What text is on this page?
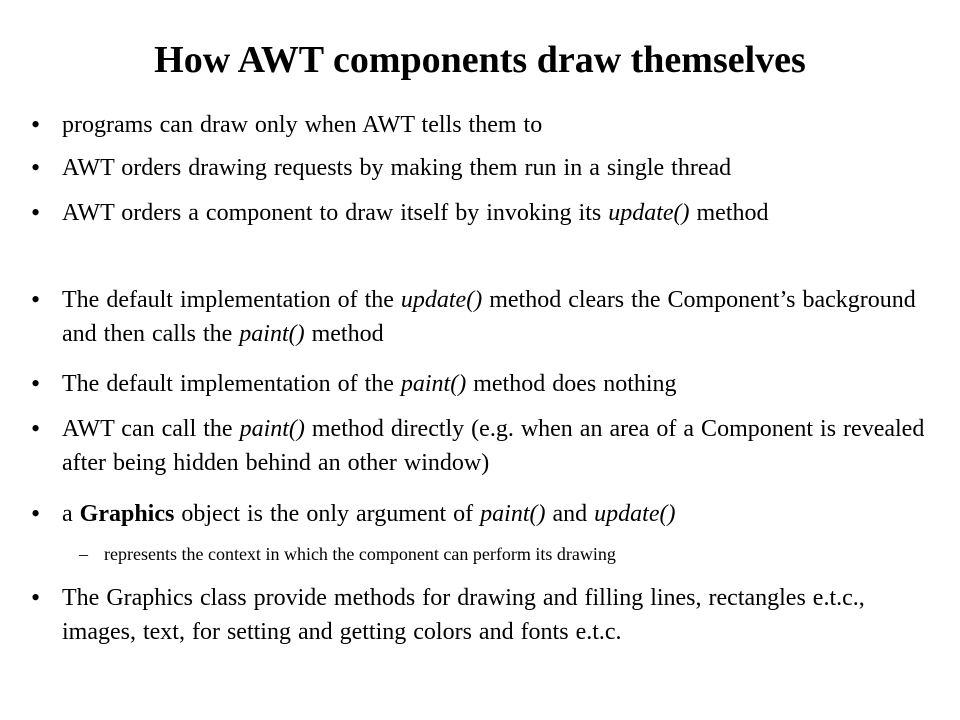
How AWT components draw themselves
• programs can draw only when AWT tells them to
• AWT orders drawing requests by making them run in a single thread
• AWT orders a component to draw itself by invoking its update() method
• The default implementation of the update() method clears the Component’s background and then calls the paint() method
• The default implementation of the paint() method does nothing
• AWT can call the paint() method directly (e.g. when an area of a Component is revealed after being hidden behind an other window)
• a Graphics object is the only argument of paint() and update()
– represents the context in which the component can perform its drawing
• The Graphics class provide methods for drawing and filling lines, rectangles e.t.c., images, text, for setting and getting colors and fonts e.t.c.
